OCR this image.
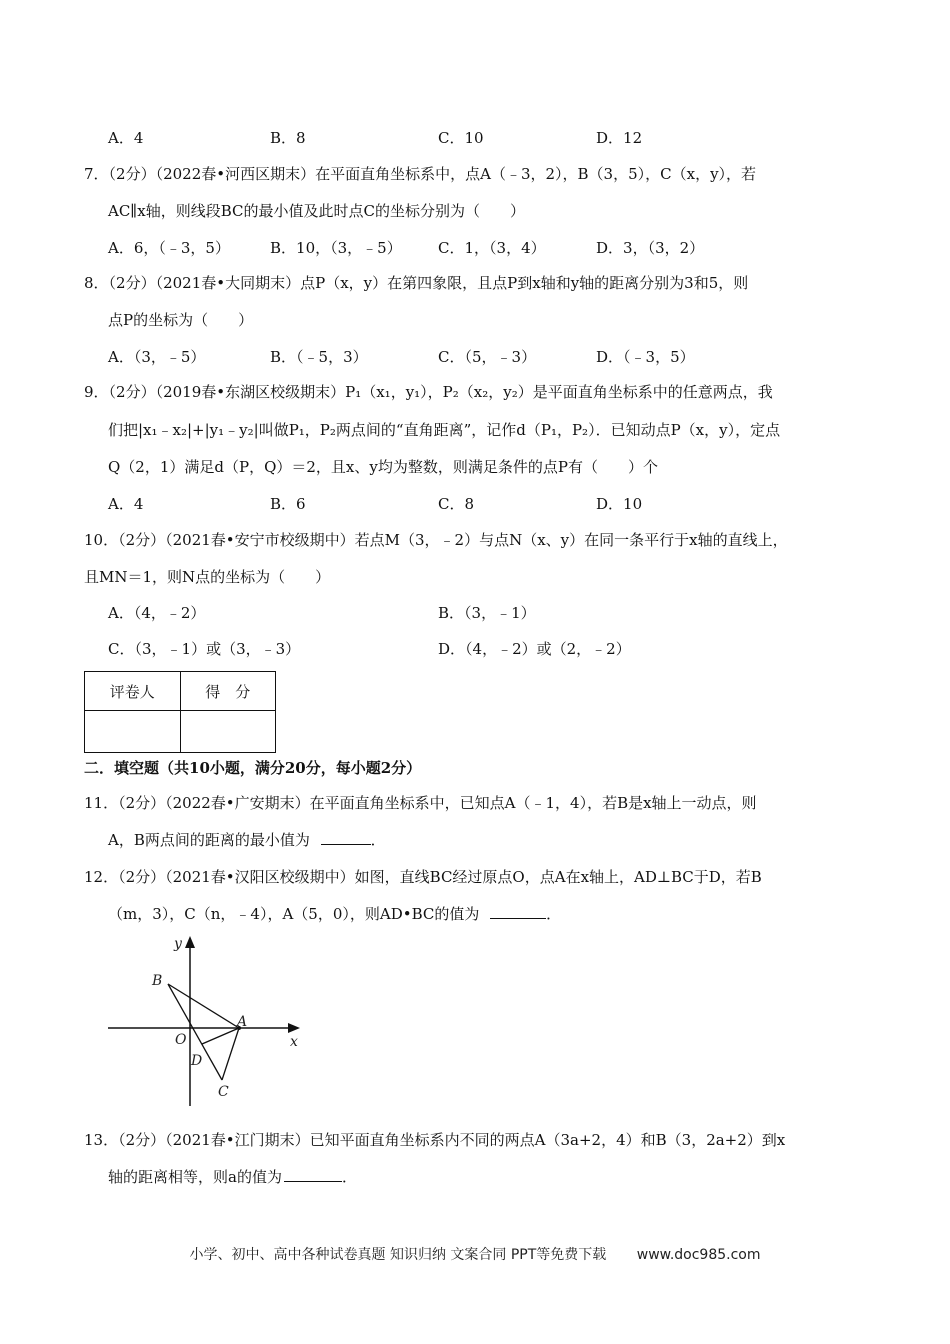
A．4	B．8	C．10	D．12
7．（2分）（2022春•河西区期末）在平面直角坐标系中，点A（﹣3，2），B（3，5），C（x，y），若
AC∥x轴，则线段BC的最小值及此时点C的坐标分别为（　　）
A．6，（﹣3，5）	B．10，（3，﹣5） C．1，（3，4）	D．3，（3，2）
8．（2分）（2021春•大同期末）点P（x，y）在第四象限，且点P到x轴和y轴的距离分别为3和5，则
点P的坐标为（　　）
A．（3，﹣5）	B．（﹣5，3）	C．（5，﹣3）	D．（﹣3，5）
9．（2分）（2019春•东湖区校级期末）P₁（x₁，y₁），P₂（x₂，y₂）是平面直角坐标系中的任意两点，我
们把|x₁﹣x₂|+|y₁﹣y₂|叫做P₁，P₂两点间的“直角距离”，记作d（P₁，P₂）．已知动点P（x，y），定点
Q（2，1）满足d（P，Q）＝2，且x、y均为整数，则满足条件的点P有（　　）个
A．4	B．6	C．8	D．10
10．（2分）（2021春•安宁市校级期中）若点M（3，﹣2）与点N（x、y）在同一条平行于x轴的直线上，
且MN＝1，则N点的坐标为（　　）
A．（4，﹣2）	B．（3，﹣1）
C．（3，﹣1）或（3，﹣3）	D．（4，﹣2）或（2，﹣2）
评卷人	得　分

二．填空题（共10小题，满分20分，每小题2分）
11．（2分）（2022春•广安期末）在平面直角坐标系中，已知点A（﹣1，4），若B是x轴上一动点，则
A，B两点间的距离的最小值为	．
12．（2分）（2021春•汉阳区校级期中）如图，直线BC经过原点O，点A在x轴上，AD⊥BC于D，若B
（m，3），C（n，﹣4），A（5，0），则AD•BC的值为	．
y
x
B
O
A
D
C
13．（2分）（2021春•江门期末）已知平面直角坐标系内不同的两点A（3a+2，4）和B（3，2a+2）到x
轴的距离相等，则a的值为	．
小学、初中、高中各种试卷真题 知识归纳 文案合同 PPT等免费下载 www.doc985.com
